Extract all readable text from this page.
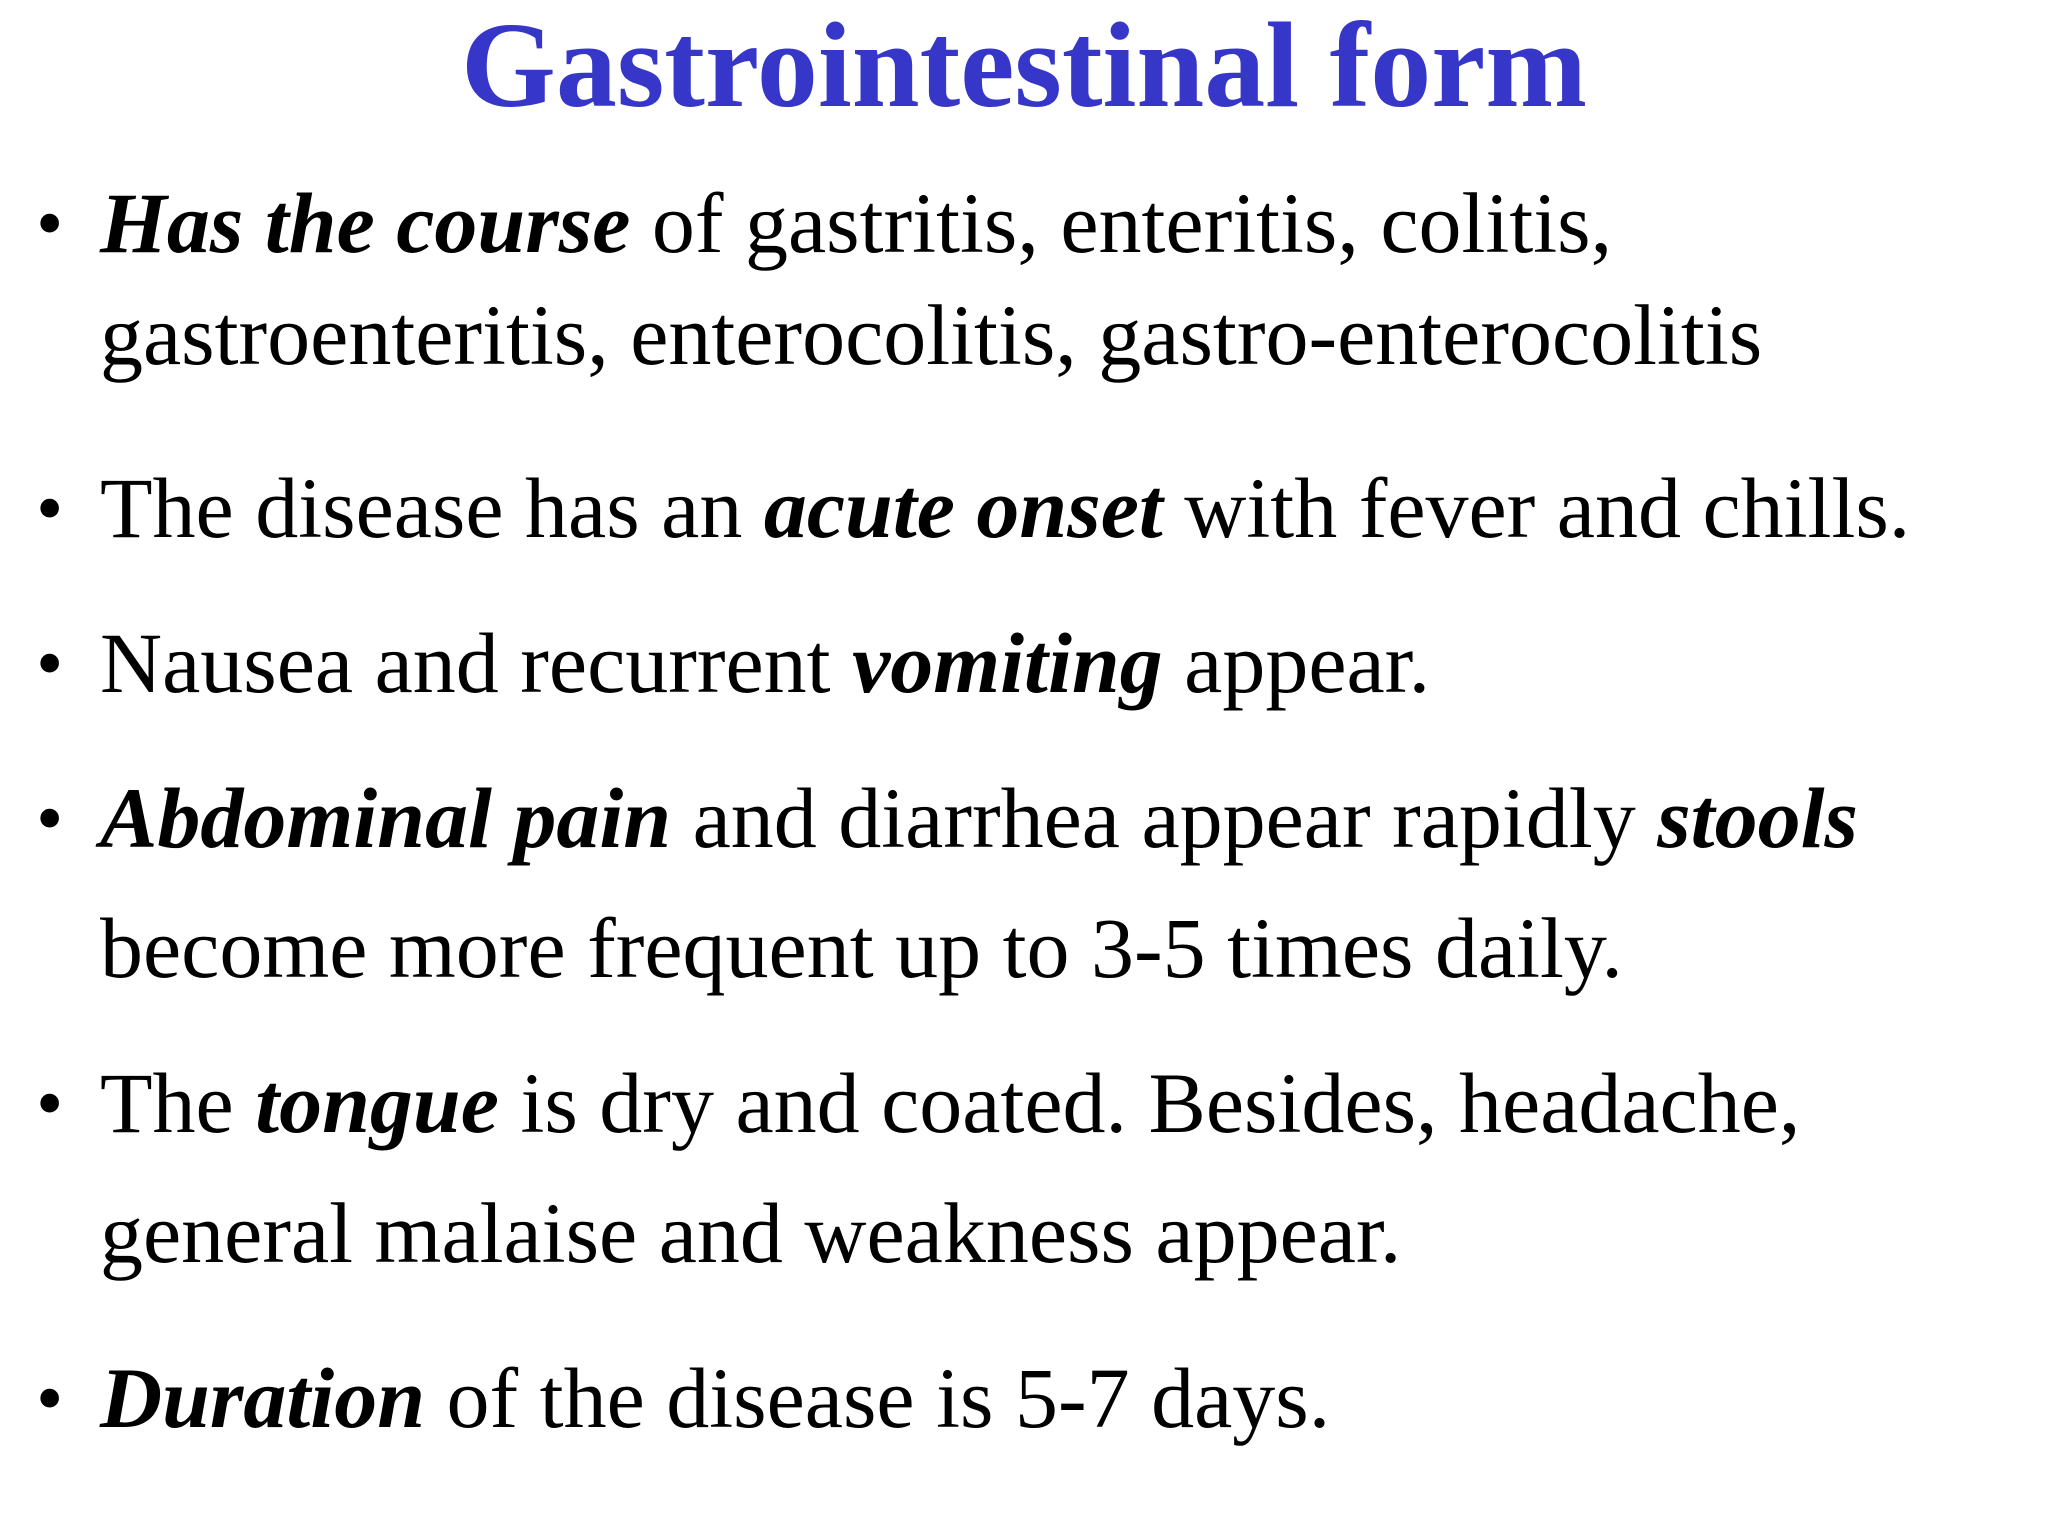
Gastrointestinal form
• Has the course of gastritis, enteritis, colitis,
gastroenteritis, enterocolitis, gastro-enterocolitis
• The disease has an acute onset with fever and chills.
• Nausea and recurrent vomiting appear.
• Abdominal pain and diarrhea appear rapidly stools
become more frequent up to 3-5 times daily.
• The tongue is dry and coated. Besides, headache,
general malaise and weakness appear.
• Duration of the disease is 5-7 days.
